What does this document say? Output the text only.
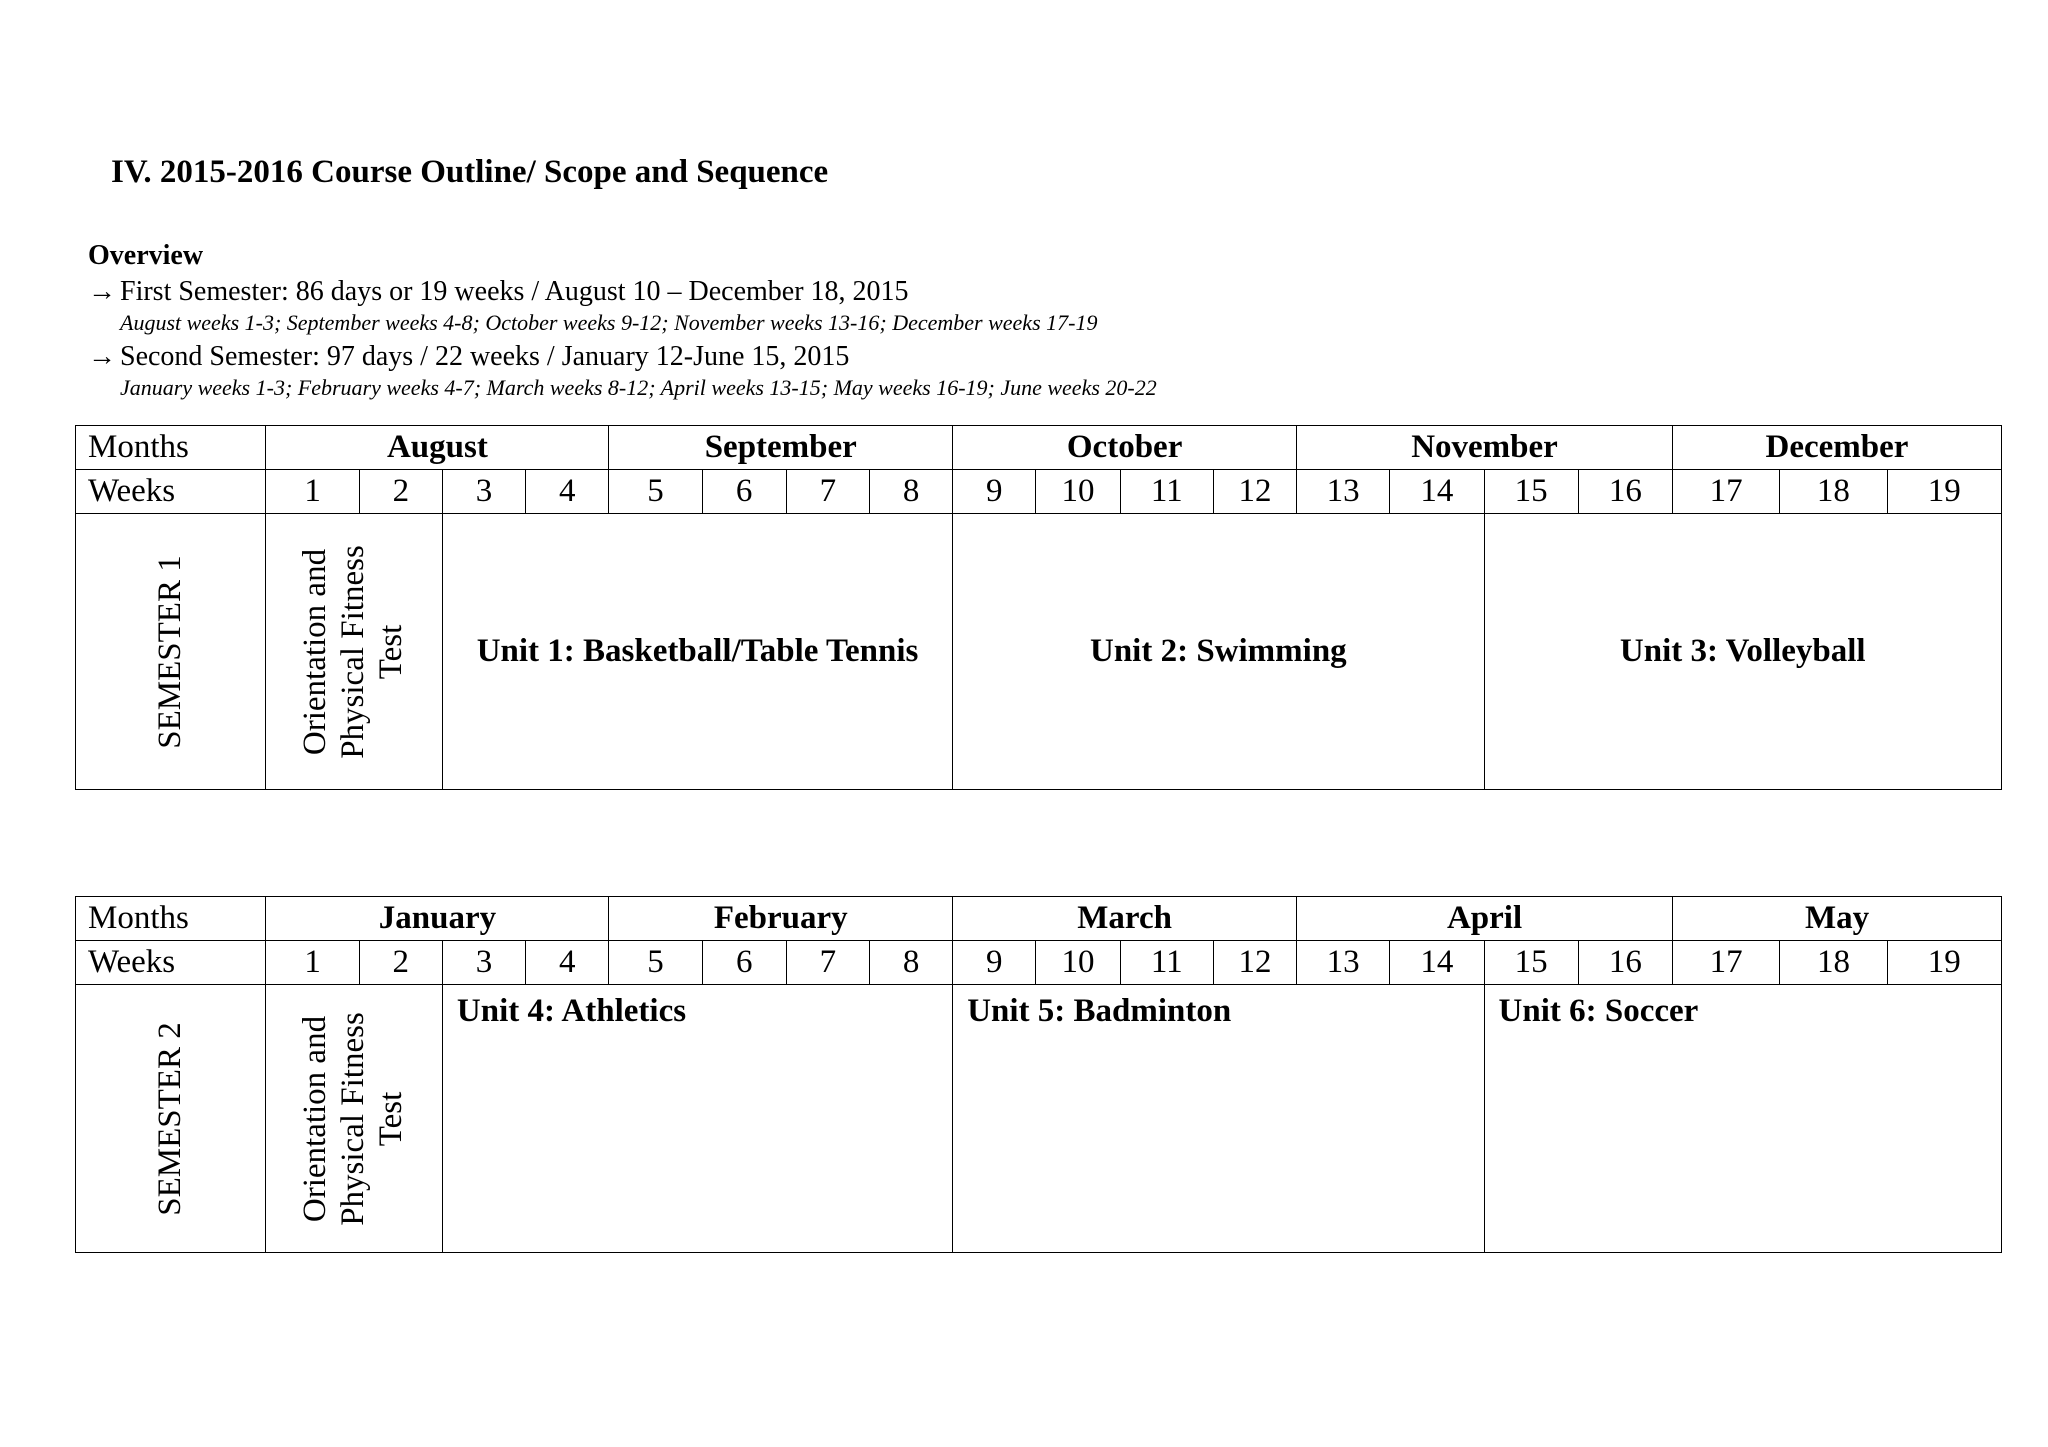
IV. 2015-2016 Course Outline/ Scope and Sequence
Overview
→ First Semester: 86 days or 19 weeks / August 10 – December 18, 2015
August weeks 1-3; September weeks 4-8; October weeks 9-12; November weeks 13-16; December weeks 17-19
→ Second Semester: 97 days / 22 weeks / January 12-June 15, 2015
January weeks 1-3; February weeks 4-7; March weeks 8-12; April weeks 13-15; May weeks 16-19; June weeks 20-22
Months	August				September				October				November				December		
Weeks	1	2	3	4	5	6	7	8	9	10	11	12	13	14	15	16	17	18	19

SEMESTER 1	Orientation and Physical Fitness Test		Unit 1: Basketball/Table Tennis						Unit 2: Swimming						Unit 3: Volleyball				
Months	January				February				March				April				May		
Weeks	1	2	3	4	5	6	7	8	9	10	11	12	13	14	15	16	17	18	19

SEMESTER 2	Orientation and Physical Fitness Test		Unit 4: Athletics						Unit 5: Badminton						Unit 6: Soccer				
